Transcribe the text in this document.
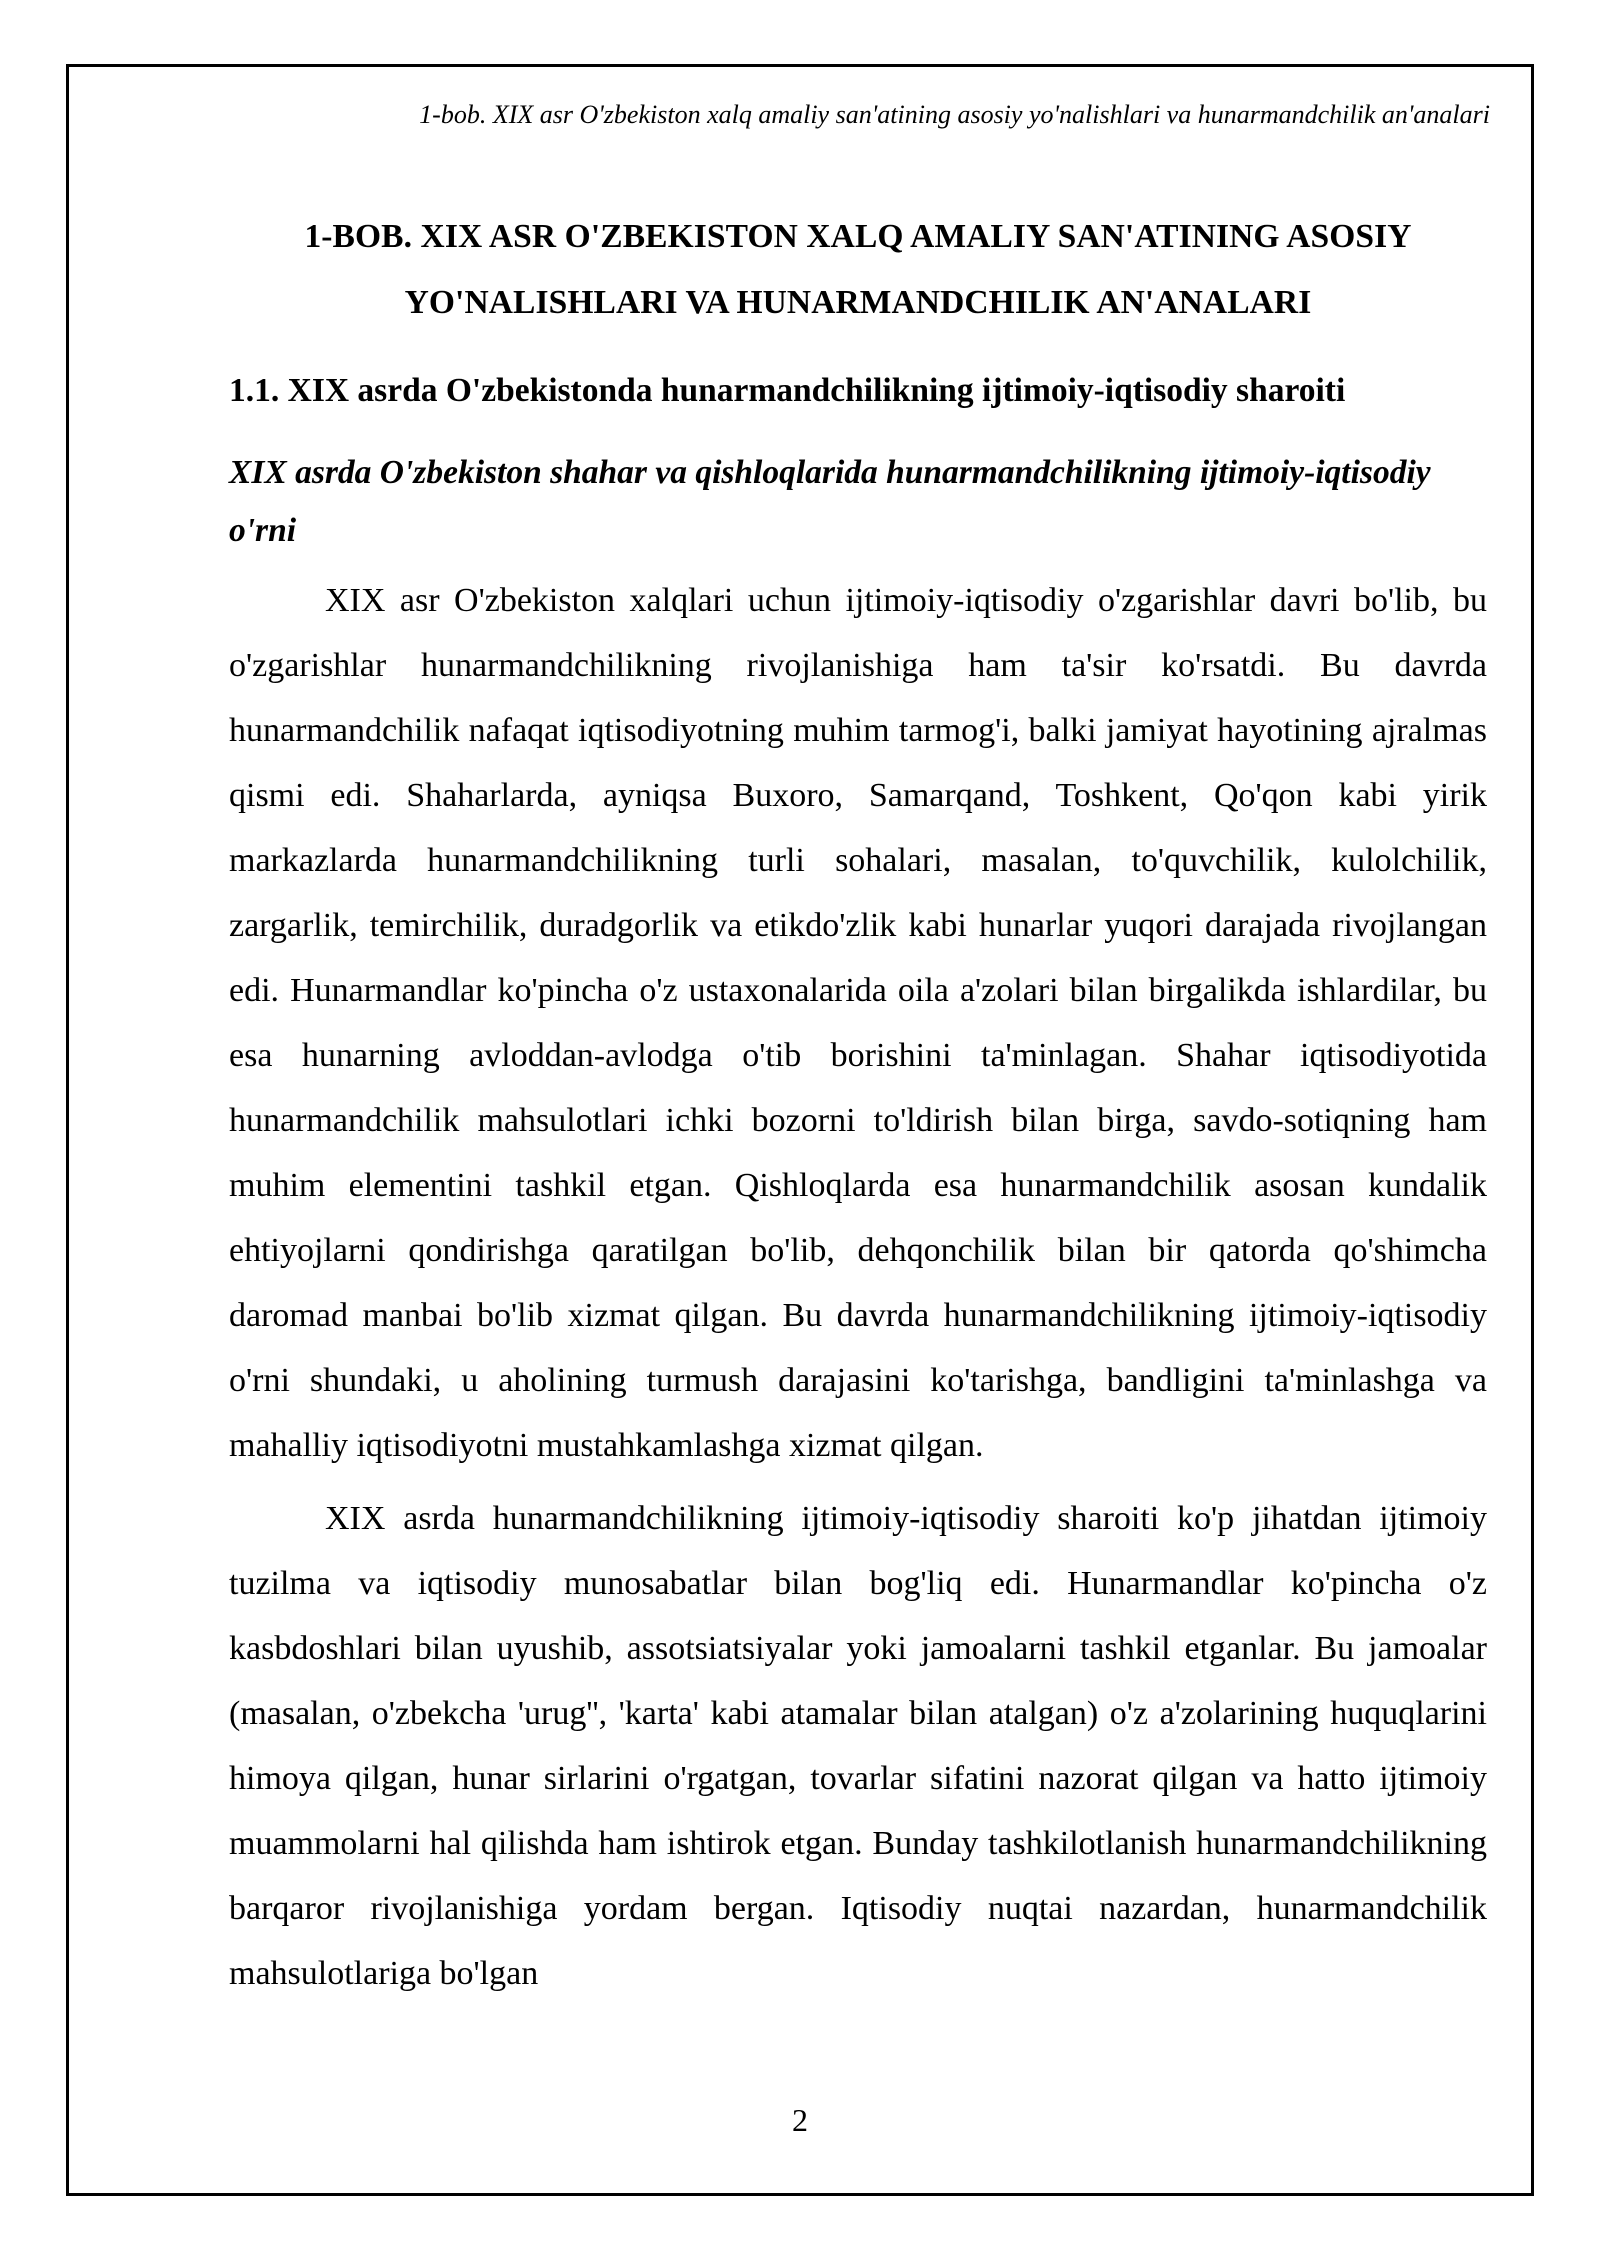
1-bob. XIX asr O'zbekiston xalq amaliy san'atining asosiy yo'nalishlari va hunarmandchilik an'analari
1-BOB. XIX ASR O'ZBEKISTON XALQ AMALIY SAN'ATINING ASOSIY YO'NALISHLARI VA HUNARMANDCHILIK AN'ANALARI
1.1. XIX asrda O'zbekistonda hunarmandchilikning ijtimoiy-iqtisodiy sharoiti
XIX asrda O'zbekiston shahar va qishloqlarida hunarmandchilikning ijtimoiy-iqtisodiy o'rni

XIX asr O'zbekiston xalqlari uchun ijtimoiy-iqtisodiy o'zgarishlar davri bo'lib, bu o'zgarishlar hunarmandchilikning rivojlanishiga ham ta'sir ko'rsatdi. Bu davrda hunarmandchilik nafaqat iqtisodiyotning muhim tarmog'i, balki jamiyat hayotining ajralmas qismi edi. Shaharlarda, ayniqsa Buxoro, Samarqand, Toshkent, Qo'qon kabi yirik markazlarda hunarmandchilikning turli sohalari, masalan, to'quvchilik, kulolchilik, zargarlik, temirchilik, duradgorlik va etikdo'zlik kabi hunarlar yuqori darajada rivojlangan edi. Hunarmandlar ko'pincha o'z ustaxonalarida oila a'zolari bilan birgalikda ishlardilar, bu esa hunarning avloddan-avlodga o'tib borishini ta'minlagan. Shahar iqtisodiyotida hunarmandchilik mahsulotlari ichki bozorni to'ldirish bilan birga, savdo-sotiqning ham muhim elementini tashkil etgan. Qishloqlarda esa hunarmandchilik asosan kundalik ehtiyojlarni qondirishga qaratilgan bo'lib, dehqonchilik bilan bir qatorda qo'shimcha daromad manbai bo'lib xizmat qilgan. Bu davrda hunarmandchilikning ijtimoiy-iqtisodiy o'rni shundaki, u aholining turmush darajasini ko'tarishga, bandligini ta'minlashga va mahalliy iqtisodiyotni mustahkamlashga xizmat qilgan.

XIX asrda hunarmandchilikning ijtimoiy-iqtisodiy sharoiti ko'p jihatdan ijtimoiy tuzilma va iqtisodiy munosabatlar bilan bog'liq edi. Hunarmandlar ko'pincha o'z kasbdoshlari bilan uyushib, assotsiatsiyalar yoki jamoalarni tashkil etganlar. Bu jamoalar (masalan, o'zbekcha 'urug'', 'karta' kabi atamalar bilan atalgan) o'z a'zolarining huquqlarini himoya qilgan, hunar sirlarini o'rgatgan, tovarlar sifatini nazorat qilgan va hatto ijtimoiy muammolarni hal qilishda ham ishtirok etgan. Bunday tashkilotlanish hunarmandchilikning barqaror rivojlanishiga yordam bergan. Iqtisodiy nuqtai nazardan, hunarmandchilik mahsulotlariga bo'lgan

2
